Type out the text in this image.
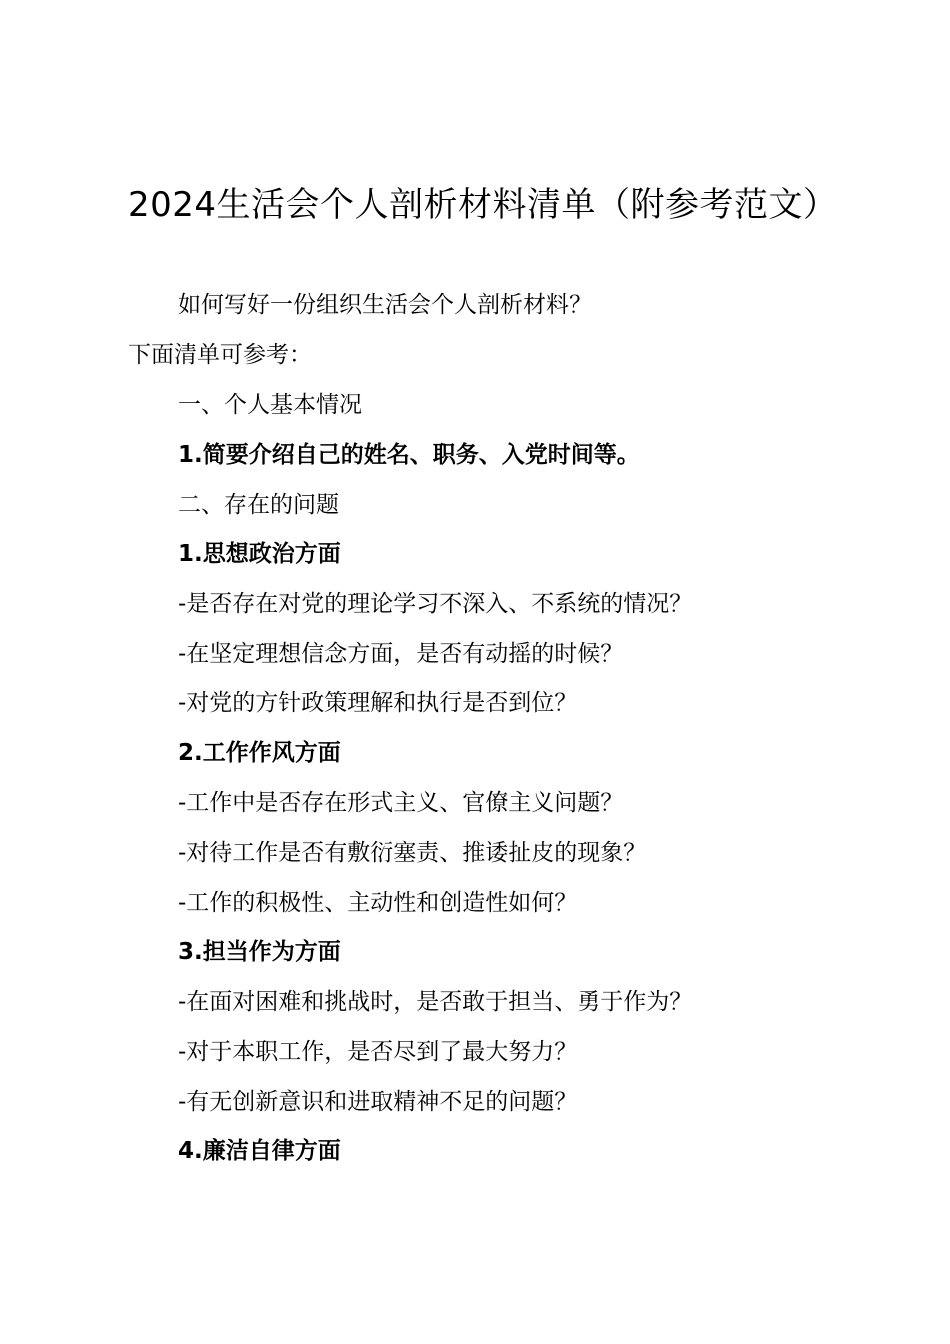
2024生活会个人剖析材料清单（附参考范文）
如何写好一份组织生活会个人剖析材料？
下面清单可参考：
一、个人基本情况
1.简要介绍自己的姓名、职务、入党时间等。
二、存在的问题
1.思想政治方面
-是否存在对党的理论学习不深入、不系统的情况？
-在坚定理想信念方面，是否有动摇的时候？
-对党的方针政策理解和执行是否到位？
2.工作作风方面
-工作中是否存在形式主义、官僚主义问题？
-对待工作是否有敷衍塞责、推诿扯皮的现象？
-工作的积极性、主动性和创造性如何？
3.担当作为方面
-在面对困难和挑战时，是否敢于担当、勇于作为？
-对于本职工作，是否尽到了最大努力？
-有无创新意识和进取精神不足的问题？
4.廉洁自律方面
